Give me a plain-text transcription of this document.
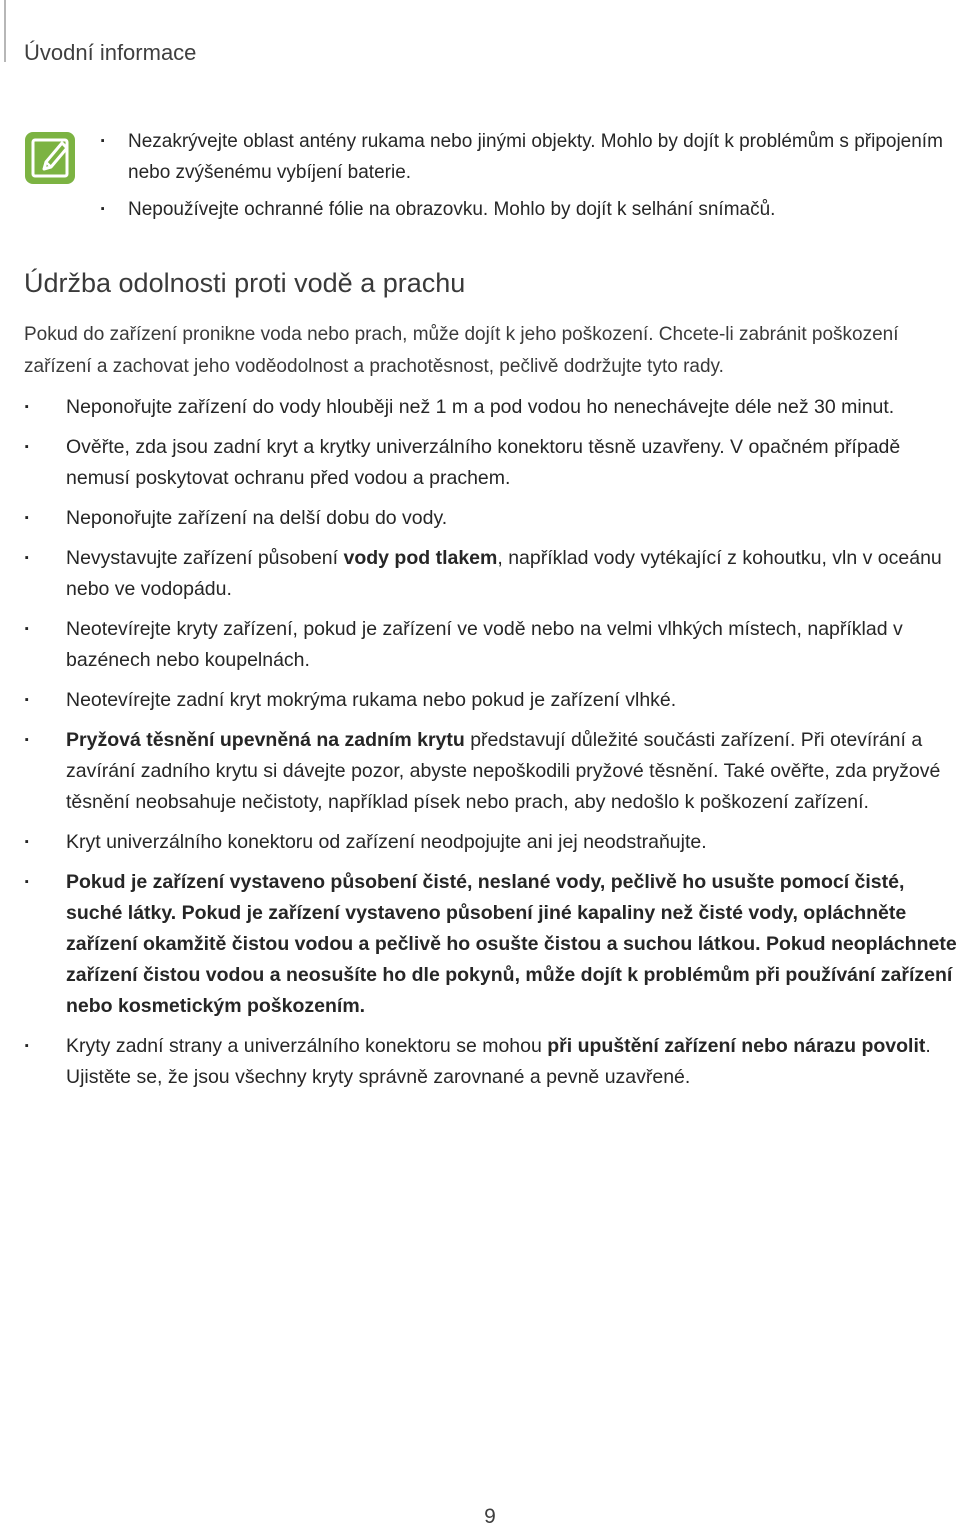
Úvodní informace
· Nezakrývejte oblast antény rukama nebo jinými objekty. Mohlo by dojít k problémům s připojením nebo zvýšenému vybíjení baterie.
· Nepoužívejte ochranné fólie na obrazovku. Mohlo by dojít k selhání snímačů.
Údržba odolnosti proti vodě a prachu

Pokud do zařízení pronikne voda nebo prach, může dojít k jeho poškození. Chcete-li zabránit poškození zařízení a zachovat jeho voděodolnost a prachotěsnost, pečlivě dodržujte tyto rady.

· Neponořujte zařízení do vody hlouběji než 1 m a pod vodou ho nenechávejte déle než 30 minut.
· Ověřte, zda jsou zadní kryt a krytky univerzálního konektoru těsně uzavřeny. V opačném případě nemusí poskytovat ochranu před vodou a prachem.
· Neponořujte zařízení na delší dobu do vody.
· Nevystavujte zařízení působení vody pod tlakem, například vody vytékající z kohoutku, vln v oceánu nebo ve vodopádu.
· Neotevírejte kryty zařízení, pokud je zařízení ve vodě nebo na velmi vlhkých místech, například v bazénech nebo koupelnách.
· Neotevírejte zadní kryt mokrýma rukama nebo pokud je zařízení vlhké.
· Pryžová těsnění upevněná na zadním krytu představují důležité součásti zařízení. Při otevírání a zavírání zadního krytu si dávejte pozor, abyste nepoškodili pryžové těsnění. Také ověřte, zda pryžové těsnění neobsahuje nečistoty, například písek nebo prach, aby nedošlo k poškození zařízení.
· Kryt univerzálního konektoru od zařízení neodpojujte ani jej neodstraňujte.
· Pokud je zařízení vystaveno působení čisté, neslané vody, pečlivě ho usušte pomocí čisté, suché látky. Pokud je zařízení vystaveno působení jiné kapaliny než čisté vody, opláchněte zařízení okamžitě čistou vodou a pečlivě ho osušte čistou a suchou látkou. Pokud neopláchnete zařízení čistou vodou a neosušíte ho dle pokynů, může dojít k problémům při používání zařízení nebo kosmetickým poškozením.
· Kryty zadní strany a univerzálního konektoru se mohou při upuštění zařízení nebo nárazu povolit. Ujistěte se, že jsou všechny kryty správně zarovnané a pevně uzavřené.
9
